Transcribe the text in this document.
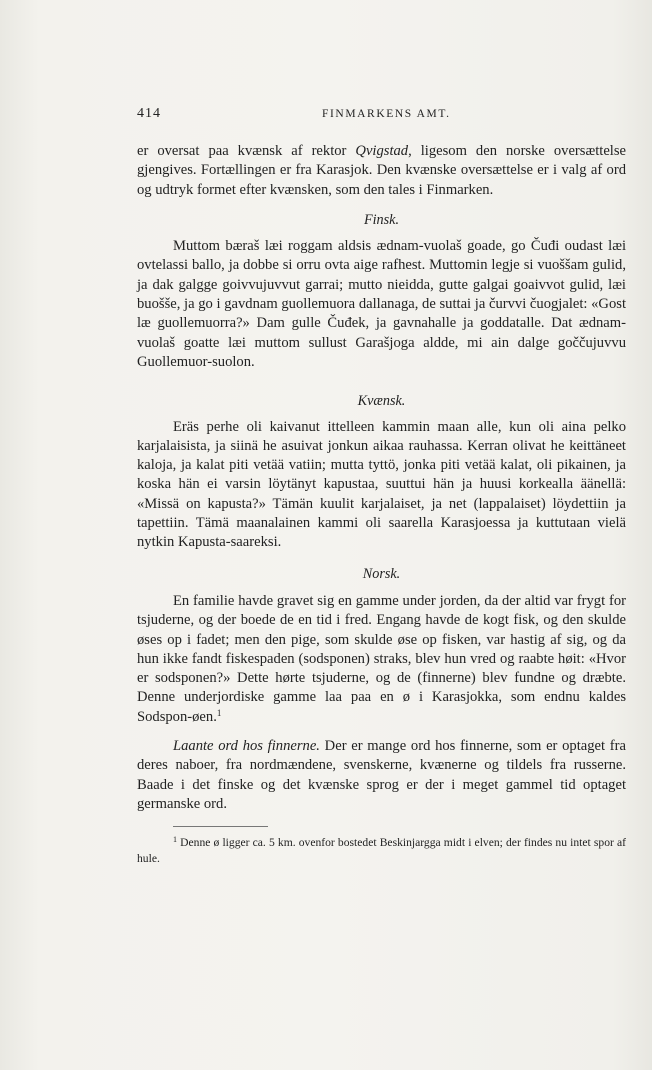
414	FINMARKENS AMT.

er oversat paa kvænsk af rektor Qvigstad, ligesom den norske oversættelse gjengives. Fortællingen er fra Karasjok. Den kvænske oversættelse er i valg af ord og udtryk formet efter kvænsken, som den tales i Finmarken.

Finsk.

Muttom bæraš læi roggam aldsis ædnam-vuolaš goade, go Čuđi oudast læi ovtelassi ballo, ja dobbe si orru ovta aige rafhest. Muttomin legje si vuoššam gulid, ja dak galgge goivvujuvvut garrai; mutto nieidda, gutte galgai goaivvot gulid, læi buošše, ja go i gavdnam guollemuora dallanaga, de suttai ja čurvvi čuogjalet: «Gost læ guollemuorra?» Dam gulle Čuđek, ja gavnahalle ja goddatalle. Dat ædnam-vuolaš goatte læi muttom sullust Garašjoga aldde, mi ain dalge goččujuvvu Guollemuor-suolon.

Kvænsk.

Eräs perhe oli kaivanut ittelleen kammin maan alle, kun oli aina pelko karjalaisista, ja siinä he asuivat jonkun aikaa rauhassa. Kerran olivat he keittäneet kaloja, ja kalat piti vetää vatiin; mutta tyttö, jonka piti vetää kalat, oli pikainen, ja koska hän ei varsin löytänyt kapustaa, suuttui hän ja huusi korkealla äänellä: «Missä on kapusta?» Tämän kuulit karjalaiset, ja net (lappalaiset) löydettiin ja tapettiin. Tämä maanalainen kammi oli saarella Karasjoessa ja kuttutaan vielä nytkin Kapusta-saareksi.

Norsk.

En familie havde gravet sig en gamme under jorden, da der altid var frygt for tsjuderne, og der boede de en tid i fred. Engang havde de kogt fisk, og den skulde øses op i fadet; men den pige, som skulde øse op fisken, var hastig af sig, og da hun ikke fandt fiskespaden (sodsponen) straks, blev hun vred og raabte høit: «Hvor er sodsponen?» Dette hørte tsjuderne, og de (finnerne) blev fundne og dræbte. Denne underjordiske gamme laa paa en ø i Karasjokka, som endnu kaldes Sodspon-øen.$^1$

Laante ord hos finnerne. Der er mange ord hos finnerne, som er optaget fra deres naboer, fra nordmændene, svenskerne, kvænerne og tildels fra russerne. Baade i det finske og det kvænske sprog er der i meget gammel tid optaget germanske ord.

$^1$ Denne ø ligger ca. 5 km. ovenfor bostedet Beskinjargga midt i elven; der findes nu intet spor af hule.
